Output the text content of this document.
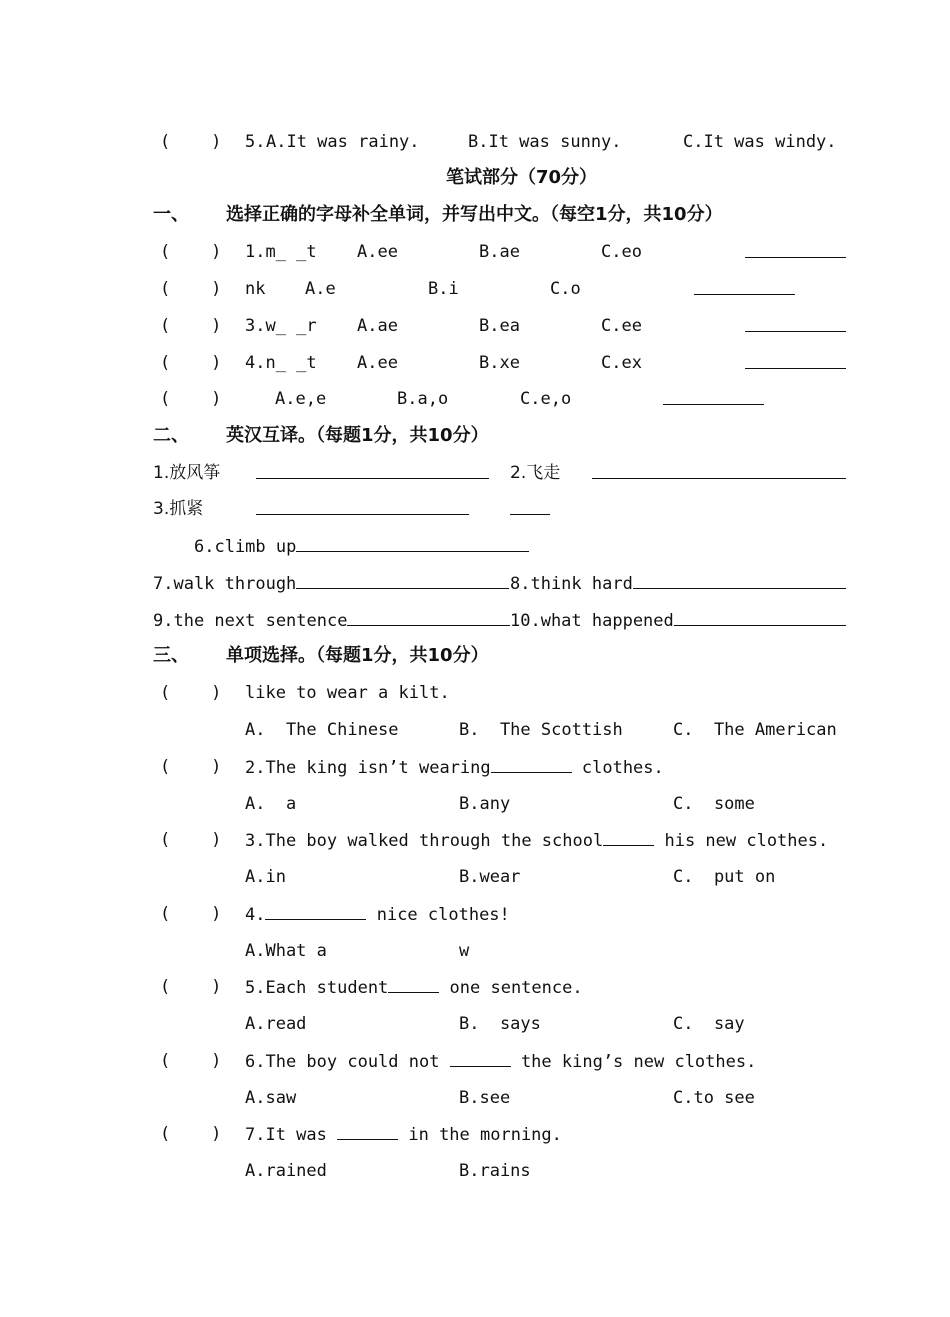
(    ) 5. A.It was rainy.	B.It was sunny.	C.It was windy.
笔试部分（70分）
一、 选择正确的字母补全单词，并写出中文。（每空1分，共10分）
(    ) 1.m_ _t A.ee	B.ae	C.eo
(    ) nk A.e	B.i	C.o
(    ) 3.w_ _r A.ae	B.ea	C.ee
(    ) 4.n_ _t A.ee	B.xe	C.ex
(    )	A.e,e	B.a,o	C.e,o
二、 英汉互译。（每题1分，共10分）
1.放风筝	2.飞走
3.抓紧
6.climb up
7.walk through	8.think hard
9.the next sentence	10.what happened
三、 单项选择。（每题1分，共10分）
(    ) like to wear a kilt.
A.  The Chinese	B.  The Scottish	C.  The American
(    ) 2.The king isn’t wearing	clothes.
A.  a	B.any	C.  some
(    ) 3.The boy walked through the school	his new clothes.
A.in	B.wear	C.  put on
(    ) 4.	nice clothes!
A.What a	w
(    ) 5.Each student	one sentence.
A.read	B.  says	C.  say
(    ) 6.The boy could not	the king’s new clothes.
A.saw	B.see	C.to see
(    ) 7.It was	in the morning.
A.rained	B.rains
